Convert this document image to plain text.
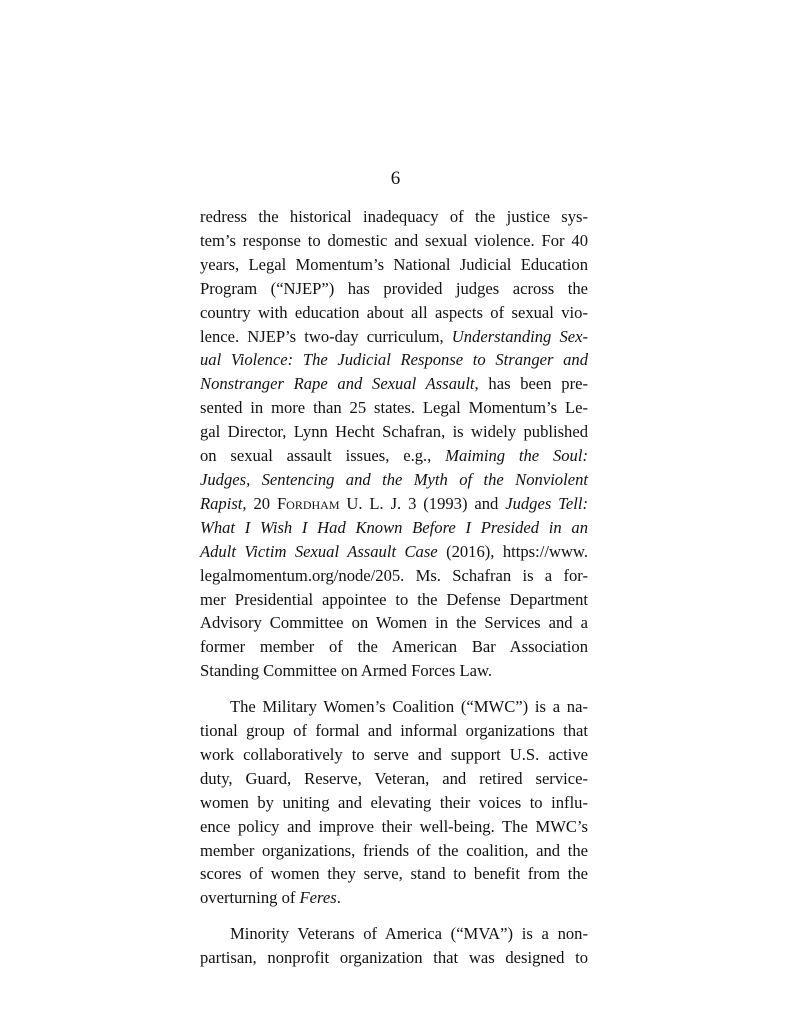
6
redress the historical inadequacy of the justice sys-
tem’s response to domestic and sexual violence. For 40
years, Legal Momentum’s National Judicial Education
Program (“NJEP”) has provided judges across the
country with education about all aspects of sexual vio-
lence. NJEP’s two-day curriculum, Understanding Sex-
ual Violence: The Judicial Response to Stranger and
Nonstranger Rape and Sexual Assault, has been pre-
sented in more than 25 states. Legal Momentum’s Le-
gal Director, Lynn Hecht Schafran, is widely published
on sexual assault issues, e.g., Maiming the Soul:
Judges, Sentencing and the Myth of the Nonviolent
Rapist, 20 Fordham U. L. J. 3 (1993) and Judges Tell:
What I Wish I Had Known Before I Presided in an
Adult Victim Sexual Assault Case (2016), https://www.
legalmomentum.org/node/205. Ms. Schafran is a for-
mer Presidential appointee to the Defense Department
Advisory Committee on Women in the Services and a
former member of the American Bar Association
Standing Committee on Armed Forces Law.
The Military Women’s Coalition (“MWC”) is a na-
tional group of formal and informal organizations that
work collaboratively to serve and support U.S. active
duty, Guard, Reserve, Veteran, and retired service-
women by uniting and elevating their voices to influ-
ence policy and improve their well-being. The MWC’s
member organizations, friends of the coalition, and the
scores of women they serve, stand to benefit from the
overturning of Feres.
Minority Veterans of America (“MVA”) is a non-
partisan, nonprofit organization that was designed to
